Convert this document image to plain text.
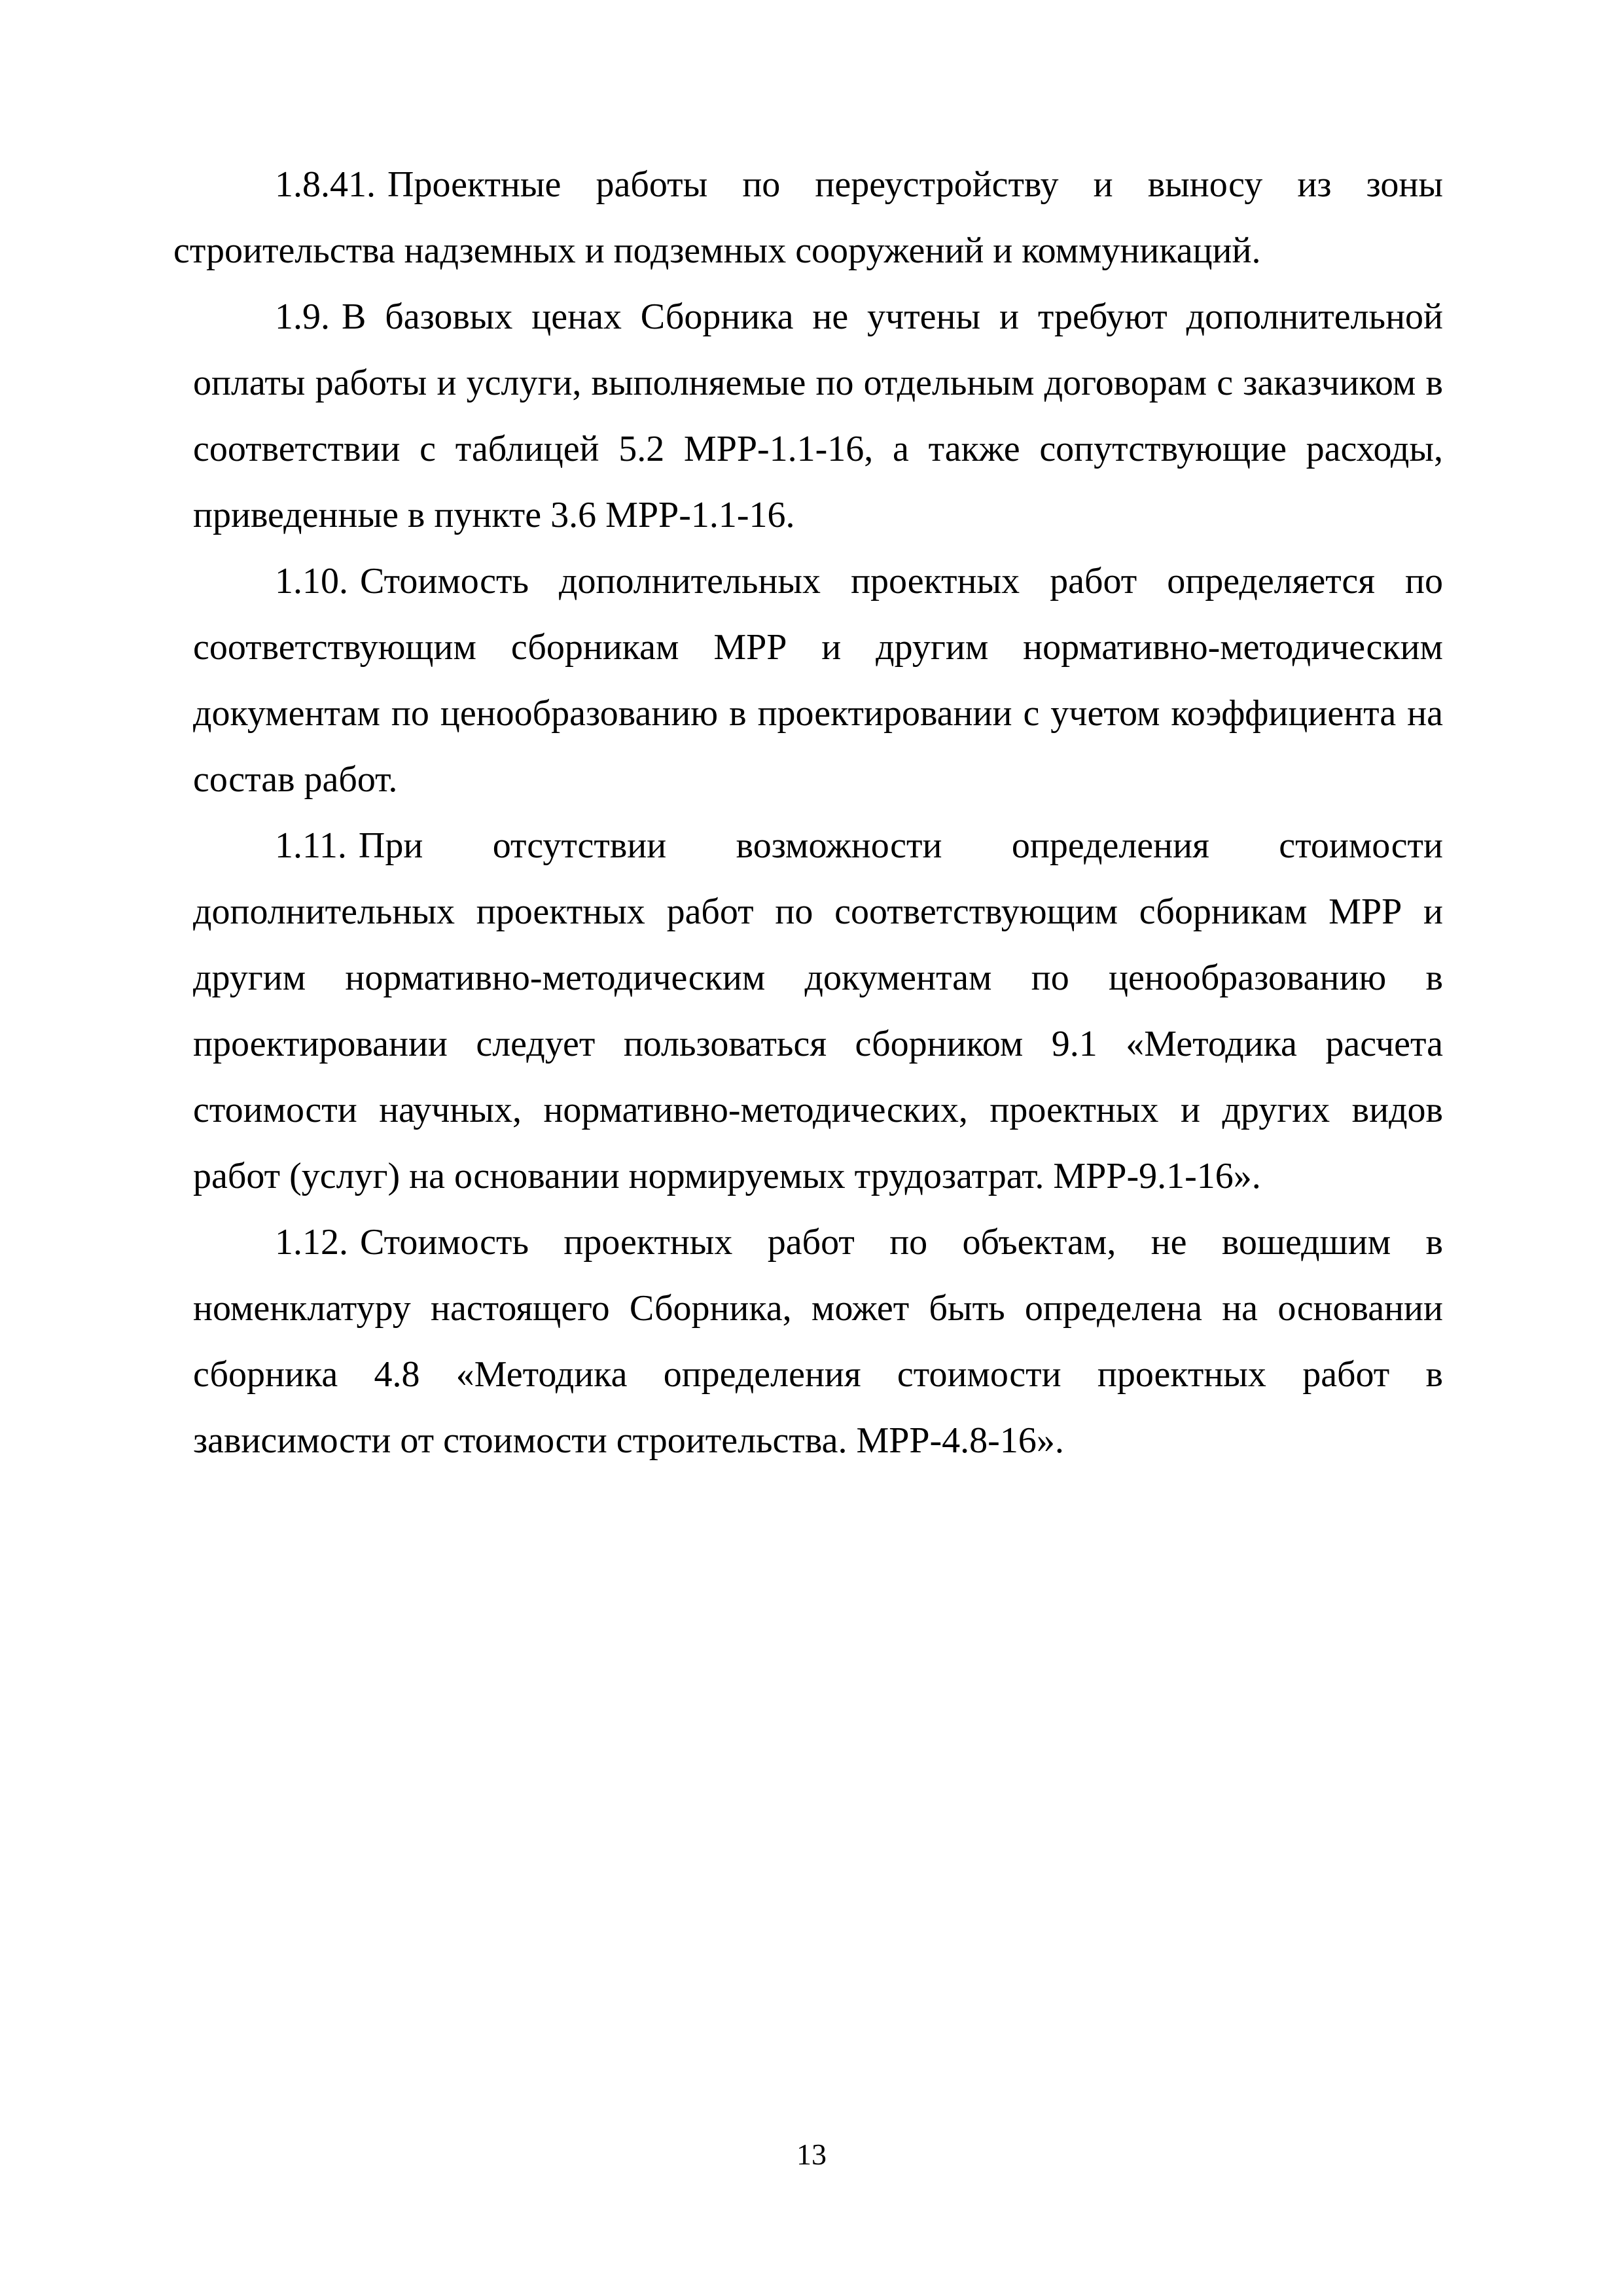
1.8.41. Проектные работы по переустройству и выносу из зоны строительства надземных и подземных сооружений и коммуникаций.

1.9. В базовых ценах Сборника не учтены и требуют дополнительной оплаты работы и услуги, выполняемые по отдельным договорам с заказчиком в соответствии с таблицей 5.2 МРР-1.1-16, а также сопутствующие расходы, приведенные в пункте 3.6 МРР-1.1-16.

1.10. Стоимость дополнительных проектных работ определяется по соответствующим сборникам МРР и другим нормативно-методическим документам по ценообразованию в проектировании с учетом коэффициента на состав работ.

1.11. При отсутствии возможности определения стоимости дополнительных проектных работ по соответствующим сборникам МРР и другим нормативно-методическим документам по ценообразованию в проектировании следует пользоваться сборником 9.1 «Методика расчета стоимости научных, нормативно-методических, проектных и других видов работ (услуг) на основании нормируемых трудозатрат. МРР-9.1-16».

1.12. Стоимость проектных работ по объектам, не вошедшим в номенклатуру настоящего Сборника, может быть определена на основании сборника 4.8 «Методика определения стоимости проектных работ в зависимости от стоимости строительства. МРР-4.8-16».

13
